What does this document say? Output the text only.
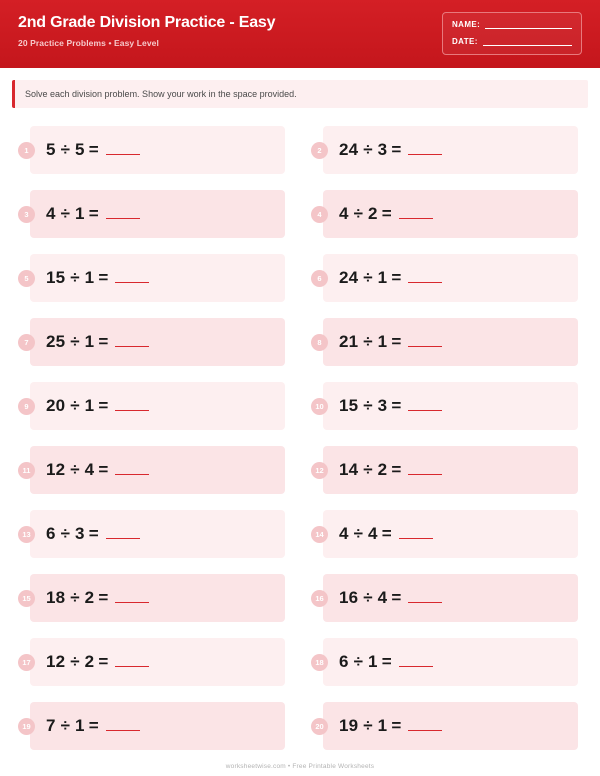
2nd Grade Division Practice - Easy
20 Practice Problems • Easy Level
NAME:
DATE:
Solve each division problem. Show your work in the space provided.
1	5 ÷ 5 =	2	24 ÷ 3 =
3	4 ÷ 1 =	4	4 ÷ 2 =
5	15 ÷ 1 =	6	24 ÷ 1 =
7	25 ÷ 1 =	8	21 ÷ 1 =
9	20 ÷ 1 =	10 15 ÷ 3 =
11 12 ÷ 4 =	12 14 ÷ 2 =
13 6 ÷ 3 =	14 4 ÷ 4 =
15 18 ÷ 2 =	16 16 ÷ 4 =
17 12 ÷ 2 =	18 6 ÷ 1 =
19 7 ÷ 1 =	20 19 ÷ 1 =
worksheetwise.com • Free Printable Worksheets
